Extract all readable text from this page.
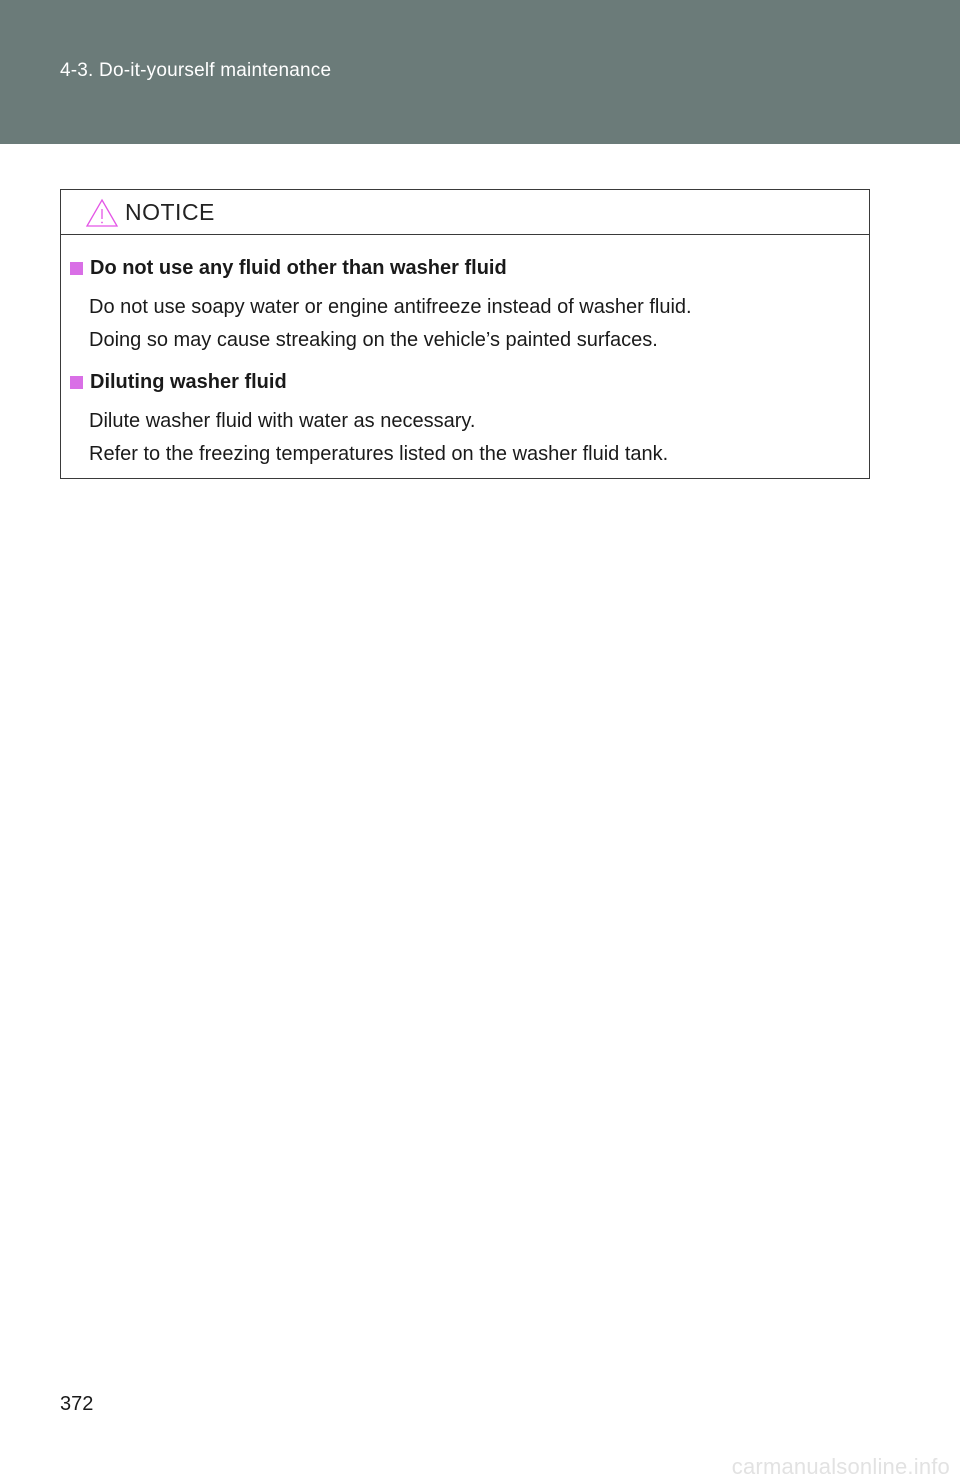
4-3. Do-it-yourself maintenance
NOTICE
Do not use any fluid other than washer fluid
Do not use soapy water or engine antifreeze instead of washer fluid.
Doing so may cause streaking on the vehicle’s painted surfaces.
Diluting washer fluid
Dilute washer fluid with water as necessary.
Refer to the freezing temperatures listed on the washer fluid tank.
372
carmanualsonline.info
